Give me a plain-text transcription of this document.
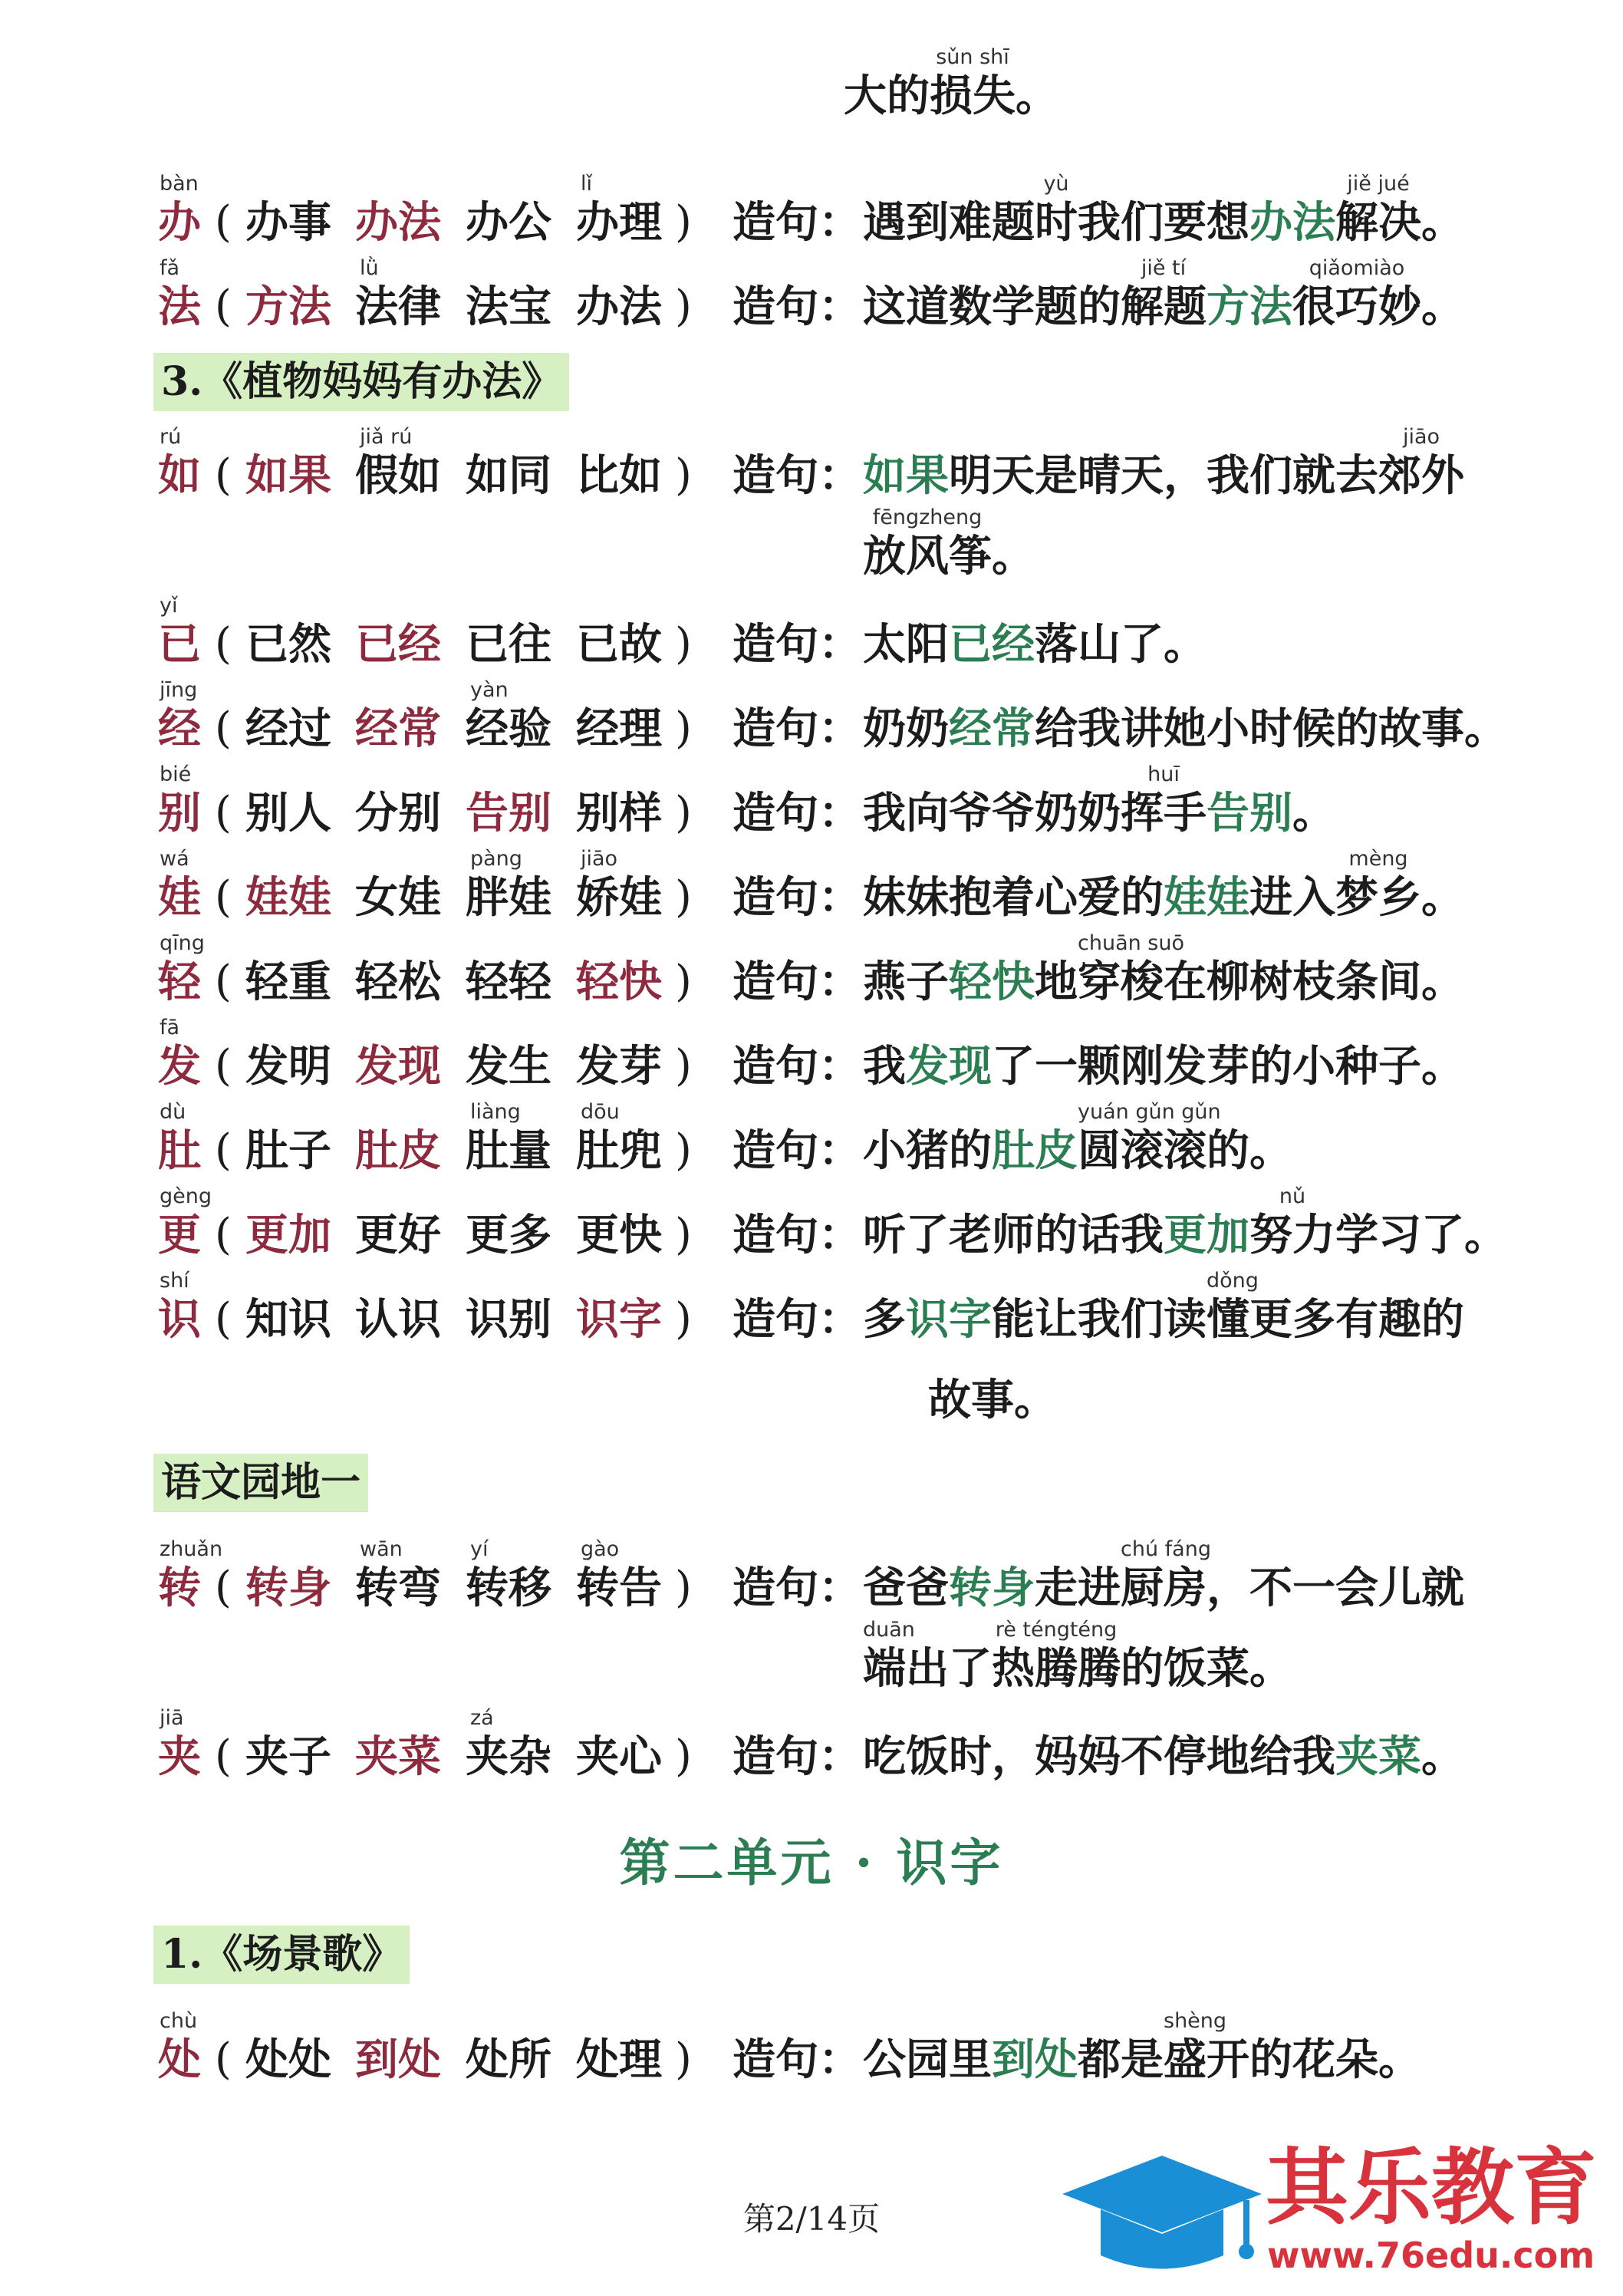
大的
sǔn shī
损失。
bàn
办 ( 办事 办法 办公
lǐ
办理 ) 造句：
yù
遇到难题时我们要想办法
jiě jué
解决。
fǎ
法 ( 方法
lǜ
法律 法宝 办法 ) 造句： 这道数学题的
jiě tí
解题方法
qiǎomiào
很巧妙。
3.《植物妈妈有办法》
rú
如 ( 如果
jiǎ rú
假如 如同 比如 ) 造句： 如果明天是晴天，我们就去
jiāo
郊外
fēngzheng
放风筝。
yǐ
已 ( 已然 已经 已往 已故 ) 造句： 太阳已经落山了。
jīng
经 ( 经过 经常
yàn
经验 经理 ) 造句： 奶奶经常给我讲她小时候的故事。
bié
别 ( 别人 分别 告别 别样 ) 造句： 我向爷爷奶奶
huī
挥手告别。
wá
娃 ( 娃娃 女娃
pàng
胖娃
jiāo
娇娃 ) 造句： 妹妹抱着心爱的娃娃进入
mèng
梦乡。
qīng
轻 ( 轻重 轻松 轻轻 轻快 ) 造句： 燕子轻快地
chuān suō
穿梭在柳树枝条间。
fā
发 ( 发明 发现 发生 发芽 ) 造句： 我发现了一颗刚发芽的小种子。
dù
肚 ( 肚子 肚皮
liàng
肚量
dōu
肚兜 ) 造句： 小猪的肚皮
yuán gǔn gǔn
圆滚滚的。
gèng
更 ( 更加 更好 更多 更快 ) 造句： 听了老师的话我更加
nǔ
努力学习了。
shí
识 ( 知识 认识 识别 识字 ) 造句： 多识字能让我们读
dǒng
懂更多有趣的
故事。
语文园地一
zhuǎn
转 ( 转身
wān
转弯
yí
转移
gào
转告 ) 造句： 爸爸转身走进
chú fáng
厨房，不一会儿就
duān
端出了
rè téngténg
热腾腾的饭菜。
jiā
夹 ( 夹子 夹菜
zá
夹杂 夹心 ) 造句： 吃饭时，妈妈不停地给我夹菜。
第二单元 · 识字
1.《场景歌》
chù
处 ( 处处 到处 处所 处理 ) 造句： 公园里到处都是
shèng
盛开的花朵。
第2/14页	其乐教育
www.76edu.com
